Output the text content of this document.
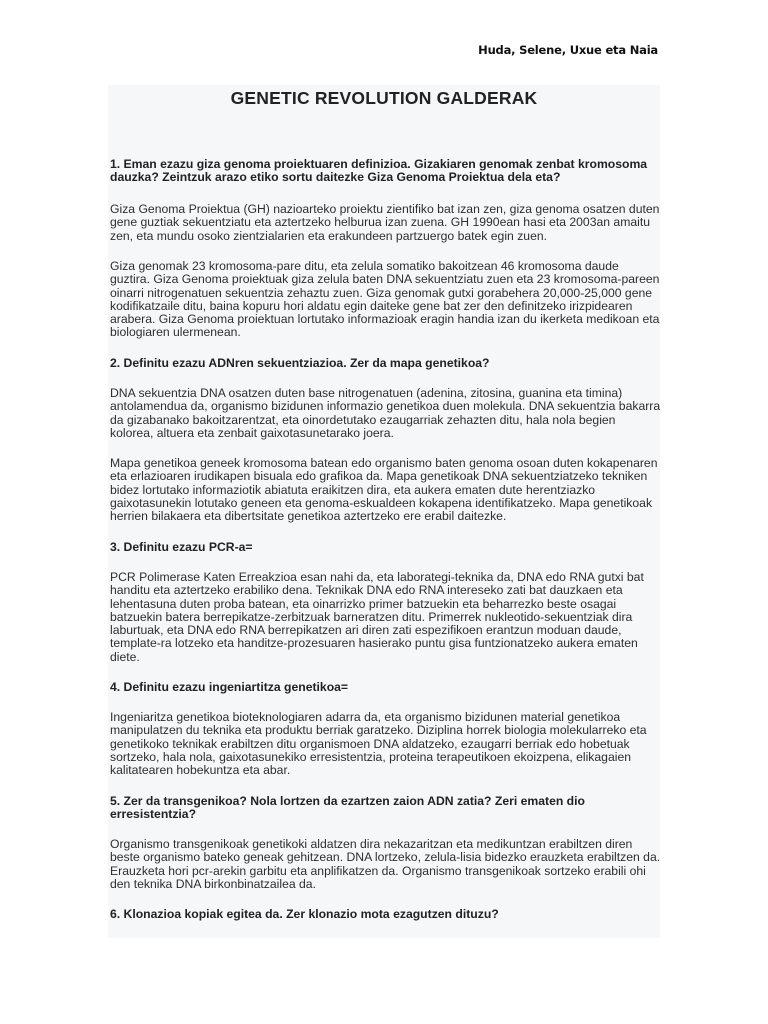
Huda, Selene, Uxue eta Naia
GENETIC REVOLUTION GALDERAK
1. Eman ezazu giza genoma proiektuaren definizioa. Gizakiaren genomak zenbat kromosoma dauzka? Zeintzuk arazo etiko sortu daitezke Giza Genoma Proiektua dela eta?
Giza Genoma Proiektua (GH) nazioarteko proiektu zientifiko bat izan zen, giza genoma osatzen duten gene guztiak sekuentziatu eta aztertzeko helburua izan zuena. GH 1990ean hasi eta 2003an amaitu zen, eta mundu osoko zientzialarien eta erakundeen partzuergo batek egin zuen.
Giza genomak 23 kromosoma-pare ditu, eta zelula somatiko bakoitzean 46 kromosoma daude guztira. Giza Genoma proiektuak giza zelula baten DNA sekuentziatu zuen eta 23 kromosoma-pareen oinarri nitrogenatuen sekuentzia zehaztu zuen. Giza genomak gutxi gorabehera 20,000-25,000 gene kodifikatzaile ditu, baina kopuru hori aldatu egin daiteke gene bat zer den definitzeko irizpidearen arabera. Giza Genoma proiektuan lortutako informazioak eragin handia izan du ikerketa medikoan eta biologiaren ulermenean.
2. Definitu ezazu ADNren sekuentziazioa. Zer da mapa genetikoa?
DNA sekuentzia DNA osatzen duten base nitrogenatuen (adenina, zitosina, guanina eta timina) antolamendua da, organismo bizidunen informazio genetikoa duen molekula. DNA sekuentzia bakarra da gizabanako bakoitzarentzat, eta oinordetutako ezaugarriak zehazten ditu, hala nola begien kolorea, altuera eta zenbait gaixotasunetarako joera.
Mapa genetikoa geneek kromosoma batean edo organismo baten genoma osoan duten kokapenaren eta erlazioaren irudikapen bisuala edo grafikoa da. Mapa genetikoak DNA sekuentziatzeko tekniken bidez lortutako informaziotik abiatuta eraikitzen dira, eta aukera ematen dute herentziazko gaixotasunekin lotutako geneen eta genoma-eskualdeen kokapena identifikatzeko. Mapa genetikoak herrien bilakaera eta dibertsitate genetikoa aztertzeko ere erabil daitezke.
3. Definitu ezazu PCR-a=
PCR Polimerase Katen Erreakzioa esan nahi da, eta laborategi-teknika da, DNA edo RNA gutxi bat handitu eta aztertzeko erabiliko dena. Teknikak DNA edo RNA intereseko zati bat dauzkaen eta lehentasuna duten proba batean, eta oinarrizko primer batzuekin eta beharrezko beste osagai batzuekin batera berrepikatze-zerbitzuak barneratzen ditu. Primerrek nukleotido-sekuentziak dira laburtuak, eta DNA edo RNA berrepikatzen ari diren zati espezifikoen erantzun moduan daude, template-ra lotzeko eta handitze-prozesuaren hasierako puntu gisa funtzionatzeko aukera ematen diete.
4. Definitu ezazu ingeniartitza genetikoa=
Ingeniaritza genetikoa bioteknologiaren adarra da, eta organismo bizidunen material genetikoa manipulatzen du teknika eta produktu berriak garatzeko. Diziplina horrek biologia molekularreko eta genetikoko teknikak erabiltzen ditu organismoen DNA aldatzeko, ezaugarri berriak edo hobetuak sortzeko, hala nola, gaixotasunekiko erresistentzia, proteina terapeutikoen ekoizpena, elikagaien kalitatearen hobekuntza eta abar.
5. Zer da transgenikoa? Nola lortzen da ezartzen zaion ADN zatia? Zeri ematen dio erresistentzia?
Organismo transgenikoak genetikoki aldatzen dira nekazaritzan eta medikuntzan erabiltzen diren beste organismo bateko geneak gehitzean. DNA lortzeko, zelula-lisia bidezko erauzketa erabiltzen da. Erauzketa hori pcr-arekin garbitu eta anplifikatzen da. Organismo transgenikoak sortzeko erabili ohi den teknika DNA birkonbinatzailea da.
6. Klonazioa kopiak egitea da. Zer klonazio mota ezagutzen dituzu?
